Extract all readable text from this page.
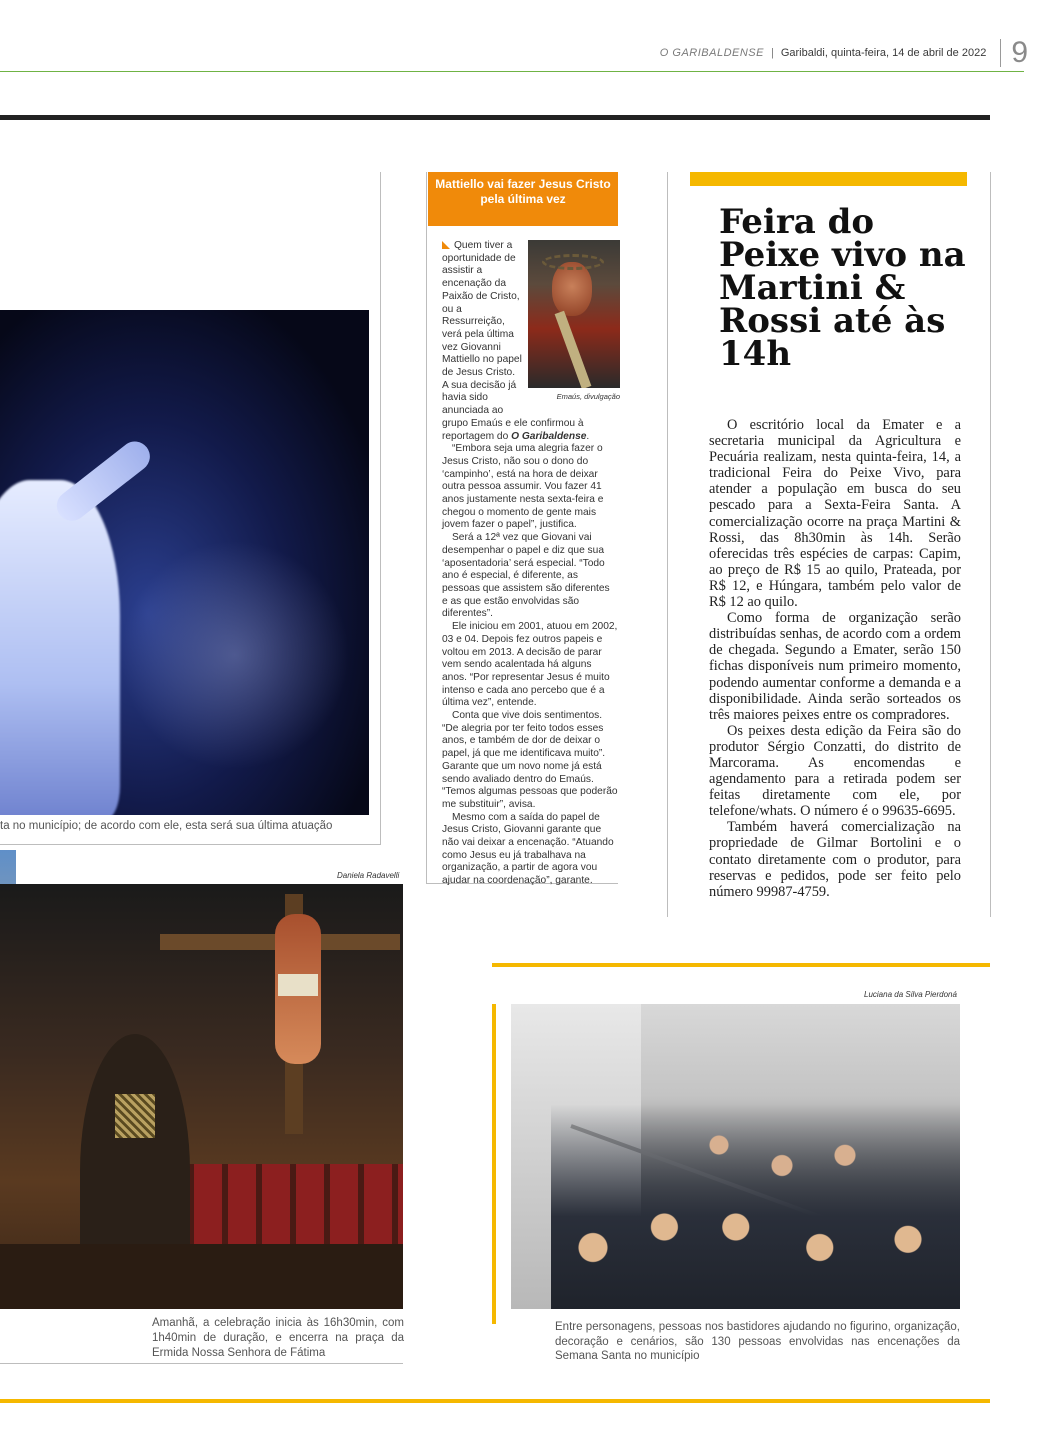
O GARIBALDENSE | Garibaldi, quinta-feira, 14 de abril de 2022 9
ta no município; de acordo com ele, esta será sua última atuação
Daniela Radavelli
Amanhã, a celebração inicia às 16h30min, com 1h40min de duração, e encerra na praça da Ermida Nossa Senhora de Fátima
Mattiello vai fazer Jesus Cristo pela última vez
Emaús, divulgação

Quem tiver a oportunidade de assistir a encenação da Paixão de Cristo, ou a Ressurreição, verá pela última vez Giovanni Mattiello no papel de Jesus Cristo. A sua decisão já havia sido anunciada ao grupo Emaús e ele confirmou à reportagem do O Garibaldense.

“Embora seja uma alegria fazer o Jesus Cristo, não sou o dono do ‘campinho’, está na hora de deixar outra pessoa assumir. Vou fazer 41 anos justamente nesta sexta-feira e chegou o momento de gente mais jovem fazer o papel”, justifica.

Será a 12ª vez que Giovani vai desempenhar o papel e diz que sua ‘aposentadoria’ será especial. “Todo ano é especial, é diferente, as pessoas que assistem são diferentes e as que estão envolvidas são diferentes”.

Ele iniciou em 2001, atuou em 2002, 03 e 04. Depois fez outros papeis e voltou em 2013. A decisão de parar vem sendo acalentada há alguns anos. “Por representar Jesus é muito intenso e cada ano percebo que é a última vez”, entende.

Conta que vive dois sentimentos. “De alegria por ter feito todos esses anos, e também de dor de deixar o papel, já que me identificava muito”. Garante que um novo nome já está sendo avaliado dentro do Emaús. “Temos algumas pessoas que poderão me substituir”, avisa.

Mesmo com a saída do papel de Jesus Cristo, Giovanni garante que não vai deixar a encenação. “Atuando como Jesus eu já trabalhava na organização, a partir de agora vou ajudar na coordenação”, garante.

Feira do Peixe vivo na Martini & Rossi até às 14h

O escritório local da Emater e a secretaria municipal da Agricultura e Pecuária realizam, nesta quinta-feira, 14, a tradicional Feira do Peixe Vivo, para atender a população em busca do seu pescado para a Sexta-Feira Santa. A comercialização ocorre na praça Martini & Rossi, das 8h30min às 14h. Serão oferecidas três espécies de carpas: Capim, ao preço de R$ 15 ao quilo, Prateada, por R$ 12, e Húngara, também pelo valor de R$ 12 ao quilo.

Como forma de organização serão distribuídas senhas, de acordo com a ordem de chegada. Segundo a Emater, serão 150 fichas disponíveis num primeiro momento, podendo aumentar conforme a demanda e a disponibilidade. Ainda serão sorteados os três maiores peixes entre os compradores.

Os peixes desta edição da Feira são do produtor Sérgio Conzatti, do distrito de Marcorama. As encomendas e agendamento para a retirada podem ser feitas diretamente com ele, por telefone/whats. O número é o 99635-6695.

Também haverá comercialização na propriedade de Gilmar Bortolini e o contato diretamente com o produtor, para reservas e pedidos, pode ser feito pelo número 99987-4759.

Luciana da Silva Pierdoná
Entre personagens, pessoas nos bastidores ajudando no figurino, organização, decoração e cenários, são 130 pessoas envolvidas nas encenações da Semana Santa no município
